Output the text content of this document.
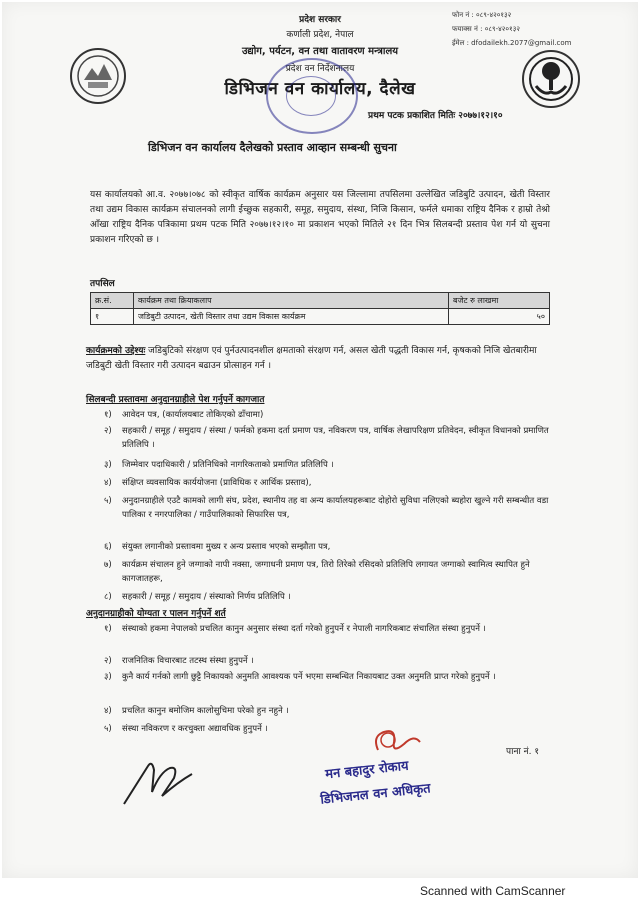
प्रदेश सरकार
कर्णाली प्रदेश, नेपाल
उद्योग, पर्यटन, वन तथा वातावरण मन्त्रालय
प्रदेश वन निर्देशनालय
डिभिजन वन कार्यालय, दैलेख
फोन नं : ०८९-४२०१३२
फयाक्स नं : ०८९-४२०१३२
ईमेल : dfodailekh.2077@gmail.com
प्रथम पटक प्रकाशित मितिः २०७७।१२।१०
डिभिजन वन कार्यालय दैलेखको प्रस्ताव आव्हान सम्बन्धी सुचना
यस कार्यालयको आ.व. २०७७।०७८ को स्वीकृत वार्षिक कार्यक्रम अनुसार यस जिल्लामा तपसिलमा उल्लेखित जडिबुटि उत्पादन, खेती विस्तार तथा उद्यम विकास कार्यक्रम संचालनको लागी ईच्छुक सहकारी, समूह, समुदाय, संस्था, निजि किसान, फर्मले धमाका राष्ट्रिय दैनिक र हाम्रो तेश्रो आँखा राष्ट्रिय दैनिक पत्रिकामा प्रथम पटक मिति २०७७।१२।१० मा प्रकाशन भएको मितिले २१ दिन भित्र सिलबन्दी प्रस्ताव पेश गर्न यो सुचना प्रकाशन गरिएको छ ।
तपसिल
क्र.सं.	कार्यक्रम तथा क्रियाकलाप	बजेट रु लाखमा
१	जडिबुटी उत्पादन, खेती विस्तार तथा उद्यम विकास कार्यक्रम	५०
कार्यक्रमको उद्देश्यः जडिबुटिको संरक्षण एवं पुर्नउत्पादनशील क्षमताको संरक्षण गर्न, असल खेती पद्धती विकास गर्न, कृषकको निजि खेतबारीमा जडिबुटी खेती विस्तार गरी उत्पादन बढाउन प्रोत्साहन गर्न ।
सिलबन्दी प्रस्तावमा अनुदानग्राहीले पेश गर्नुपर्ने कागजात
१)	आवेदन पत्र, (कार्यालयबाट तोकिएको ढाँचामा)
२)	सहकारी / समूह / समुदाय / संस्था / फर्मको हकमा दर्ता प्रमाण पत्र, नविकरण पत्र, वार्षिक लेखापरिक्षण प्रतिवेदन, स्वीकृत विधानको प्रमाणित प्रतिलिपि ।
३)	जिम्मेवार पदाधिकारी / प्रतिनिधिको नागरिकताको प्रमाणित प्रतिलिपि ।
४)	संक्षिप्त व्यवसायिक कार्ययोजना (प्राविधिक र आर्थिक प्रस्ताव),
५)	अनुदानग्राहीले एउटै कामको लागी संघ, प्रदेश, स्थानीय तह वा अन्य कार्यालयहरूबाट दोहोरो सुविधा नलिएको ब्यहोरा खुल्ने गरी सम्बन्धीत वडा पालिका र नगरपालिका / गाउँपालिकाको सिफारिस पत्र,
६)	संयुक्त लगानीको प्रस्तावमा मुख्य र अन्य प्रस्ताव भएको सम्झौता पत्र,
७)	कार्यक्रम संचालन हुने जग्गाको नापी नक्सा, जग्गाधनी प्रमाण पत्र, तिरो तिरेको रसिदको प्रतिलिपि लगायत जग्गाको स्वामित्व स्थापित हुने कागजातहरू,
८)	सहकारी / समूह / समुदाय / संस्थाको निर्णय प्रतिलिपि ।
अनुदानग्राहीको योग्यता र पालन गर्नुपर्ने शर्त
१)	संस्थाको हकमा नेपालको प्रचलित कानुन अनुसार संस्था दर्ता गरेको हुनुपर्ने र नेपाली नागरिकबाट संचालित संस्था हुनुपर्ने ।
२)	राजनितिक विचारबाट तटस्थ संस्था हुनुपर्ने ।
३)	कुनै कार्य गर्नको लागी छुट्टै निकायको अनुमति आवश्यक पर्ने भएमा सम्बन्धित निकायबाट उक्त अनुमति प्राप्त गरेको हुनुपर्ने ।
४)	प्रचलित कानुन बमोजिम कालोसुचिमा परेको हुन नहुने ।
५)	संस्था नविकरण र करचुक्ता अद्यावधिक हुनुपर्ने ।
पाना नं. १
मन बहादुर रोकाय
डिभिजनल वन अधिकृत
Scanned with CamScanner
